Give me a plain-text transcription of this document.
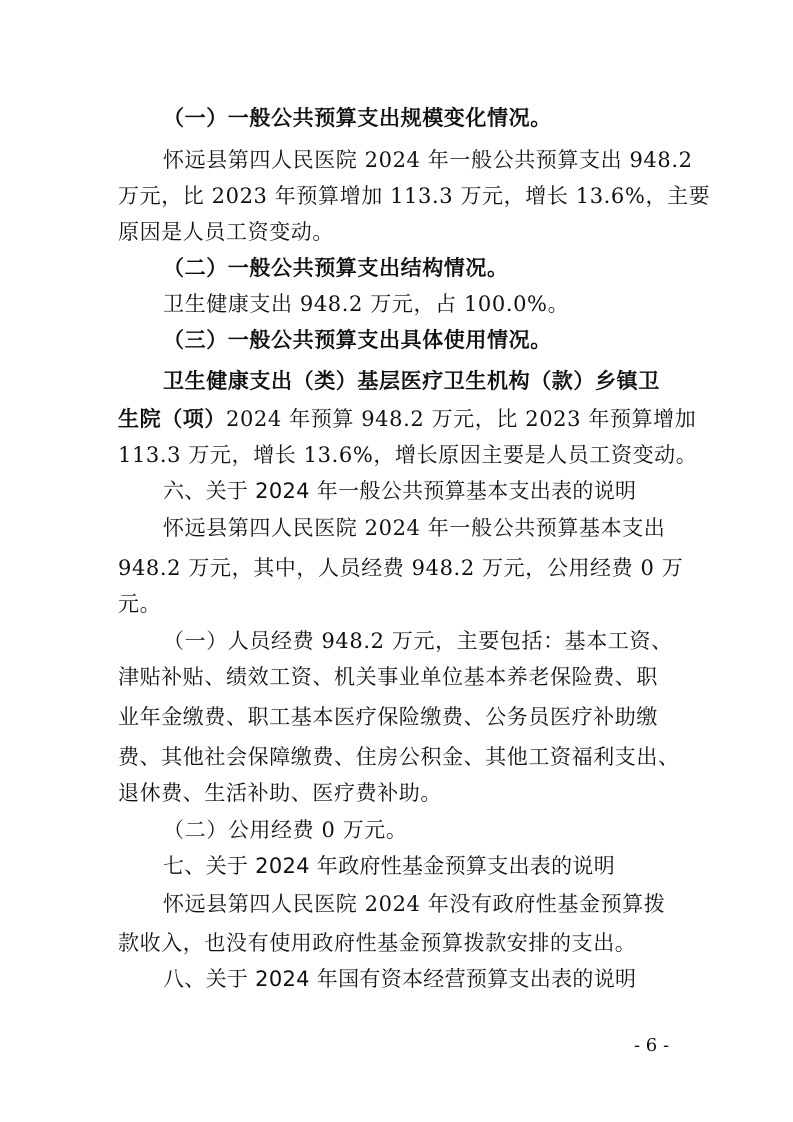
（一）一般公共预算支出规模变化情况。
怀远县第四人民医院 2024 年一般公共预算支出 948.2
万元，比 2023 年预算增加 113.3 万元，增长 13.6%，主要
原因是人员工资变动。
（二）一般公共预算支出结构情况。
卫生健康支出 948.2 万元，占 100.0%。
（三）一般公共预算支出具体使用情况。
卫生健康支出（类）基层医疗卫生机构（款）乡镇卫
生院（项）2024 年预算 948.2 万元，比 2023 年预算增加
113.3 万元，增长 13.6%，增长原因主要是人员工资变动。
六、关于 2024 年一般公共预算基本支出表的说明
怀远县第四人民医院 2024 年一般公共预算基本支出
948.2 万元，其中，人员经费 948.2 万元，公用经费 0 万
元。
（一）人员经费 948.2 万元，主要包括：基本工资、
津贴补贴、绩效工资、机关事业单位基本养老保险费、职
业年金缴费、职工基本医疗保险缴费、公务员医疗补助缴
费、其他社会保障缴费、住房公积金、其他工资福利支出、
退休费、生活补助、医疗费补助。
（二）公用经费 0 万元。
七、关于 2024 年政府性基金预算支出表的说明
怀远县第四人民医院 2024 年没有政府性基金预算拨
款收入，也没有使用政府性基金预算拨款安排的支出。
八、关于 2024 年国有资本经营预算支出表的说明
- 6 -
